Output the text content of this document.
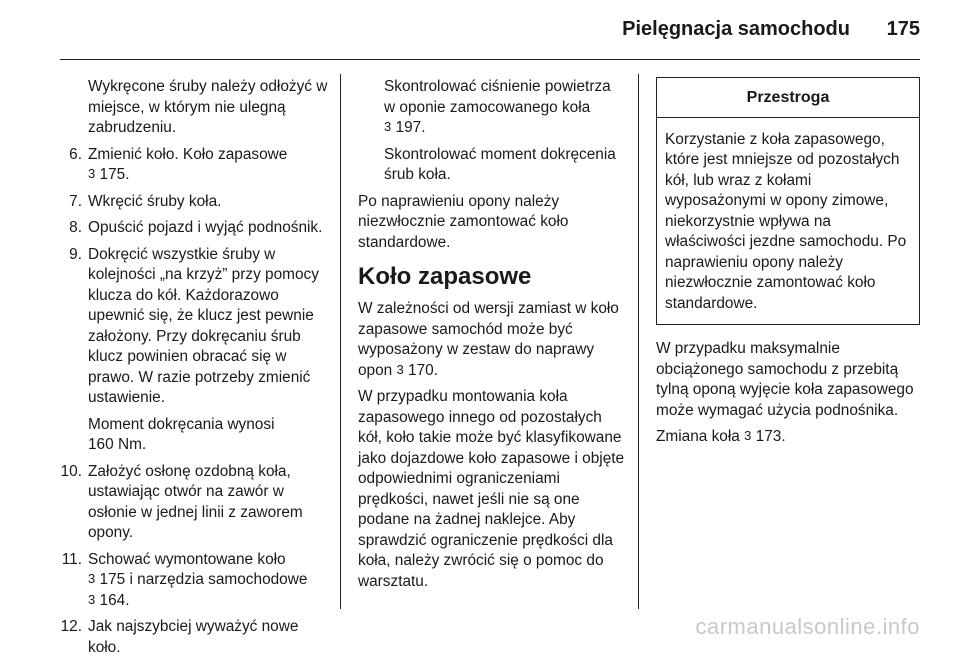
Pielęgnacja samochodu 175

Wykręcone śruby należy odłożyć w miejsce, w którym nie ulegną zabrudzeniu.

6. Zmienić koło. Koło zapasowe
3 175.
7. Wkręcić śruby koła.
8. Opuścić pojazd i wyjąć podnośnik.
9. Dokręcić wszystkie śruby w kolejności „na krzyż” przy pomocy klucza do kół. Każdorazowo upewnić się, że klucz jest pewnie założony. Przy dokręcaniu śrub klucz powinien obracać się w prawo. W razie potrzeby zmienić ustawienie.

Moment dokręcania wynosi
160 Nm.

10. Założyć osłonę ozdobną koła, ustawiając otwór na zawór w osłonie w jednej linii z zaworem opony.
11. Schować wymontowane koło
3 175 i narzędzia samochodowe
3 164.
12. Jak najszybciej wyważyć nowe koło.

Skontrolować ciśnienie powietrza w oponie zamocowanego koła
3 197.

Skontrolować moment dokręcenia śrub koła.

Po naprawieniu opony należy niezwłocznie zamontować koło standardowe.

Koło zapasowe

W zależności od wersji zamiast w koło zapasowe samochód może być wyposażony w zestaw do naprawy opon 3 170.

W przypadku montowania koła zapasowego innego od pozostałych kół, koło takie może być klasyfikowane jako dojazdowe koło zapasowe i objęte odpowiednimi ograniczeniami prędkości, nawet jeśli nie są one podane na żadnej naklejce. Aby sprawdzić ograniczenie prędkości dla koła, należy zwrócić się o pomoc do warsztatu.

Przestroga
Korzystanie z koła zapasowego, które jest mniejsze od pozostałych kół, lub wraz z kołami wyposażonymi w opony zimowe, niekorzystnie wpływa na właściwości jezdne samochodu. Po naprawieniu opony należy niezwłocznie zamontować koło standardowe.

W przypadku maksymalnie obciążonego samochodu z przebitą tylną oponą wyjęcie koła zapasowego może wymagać użycia podnośnika.

Zmiana koła 3 173.

carmanualsonline.info
